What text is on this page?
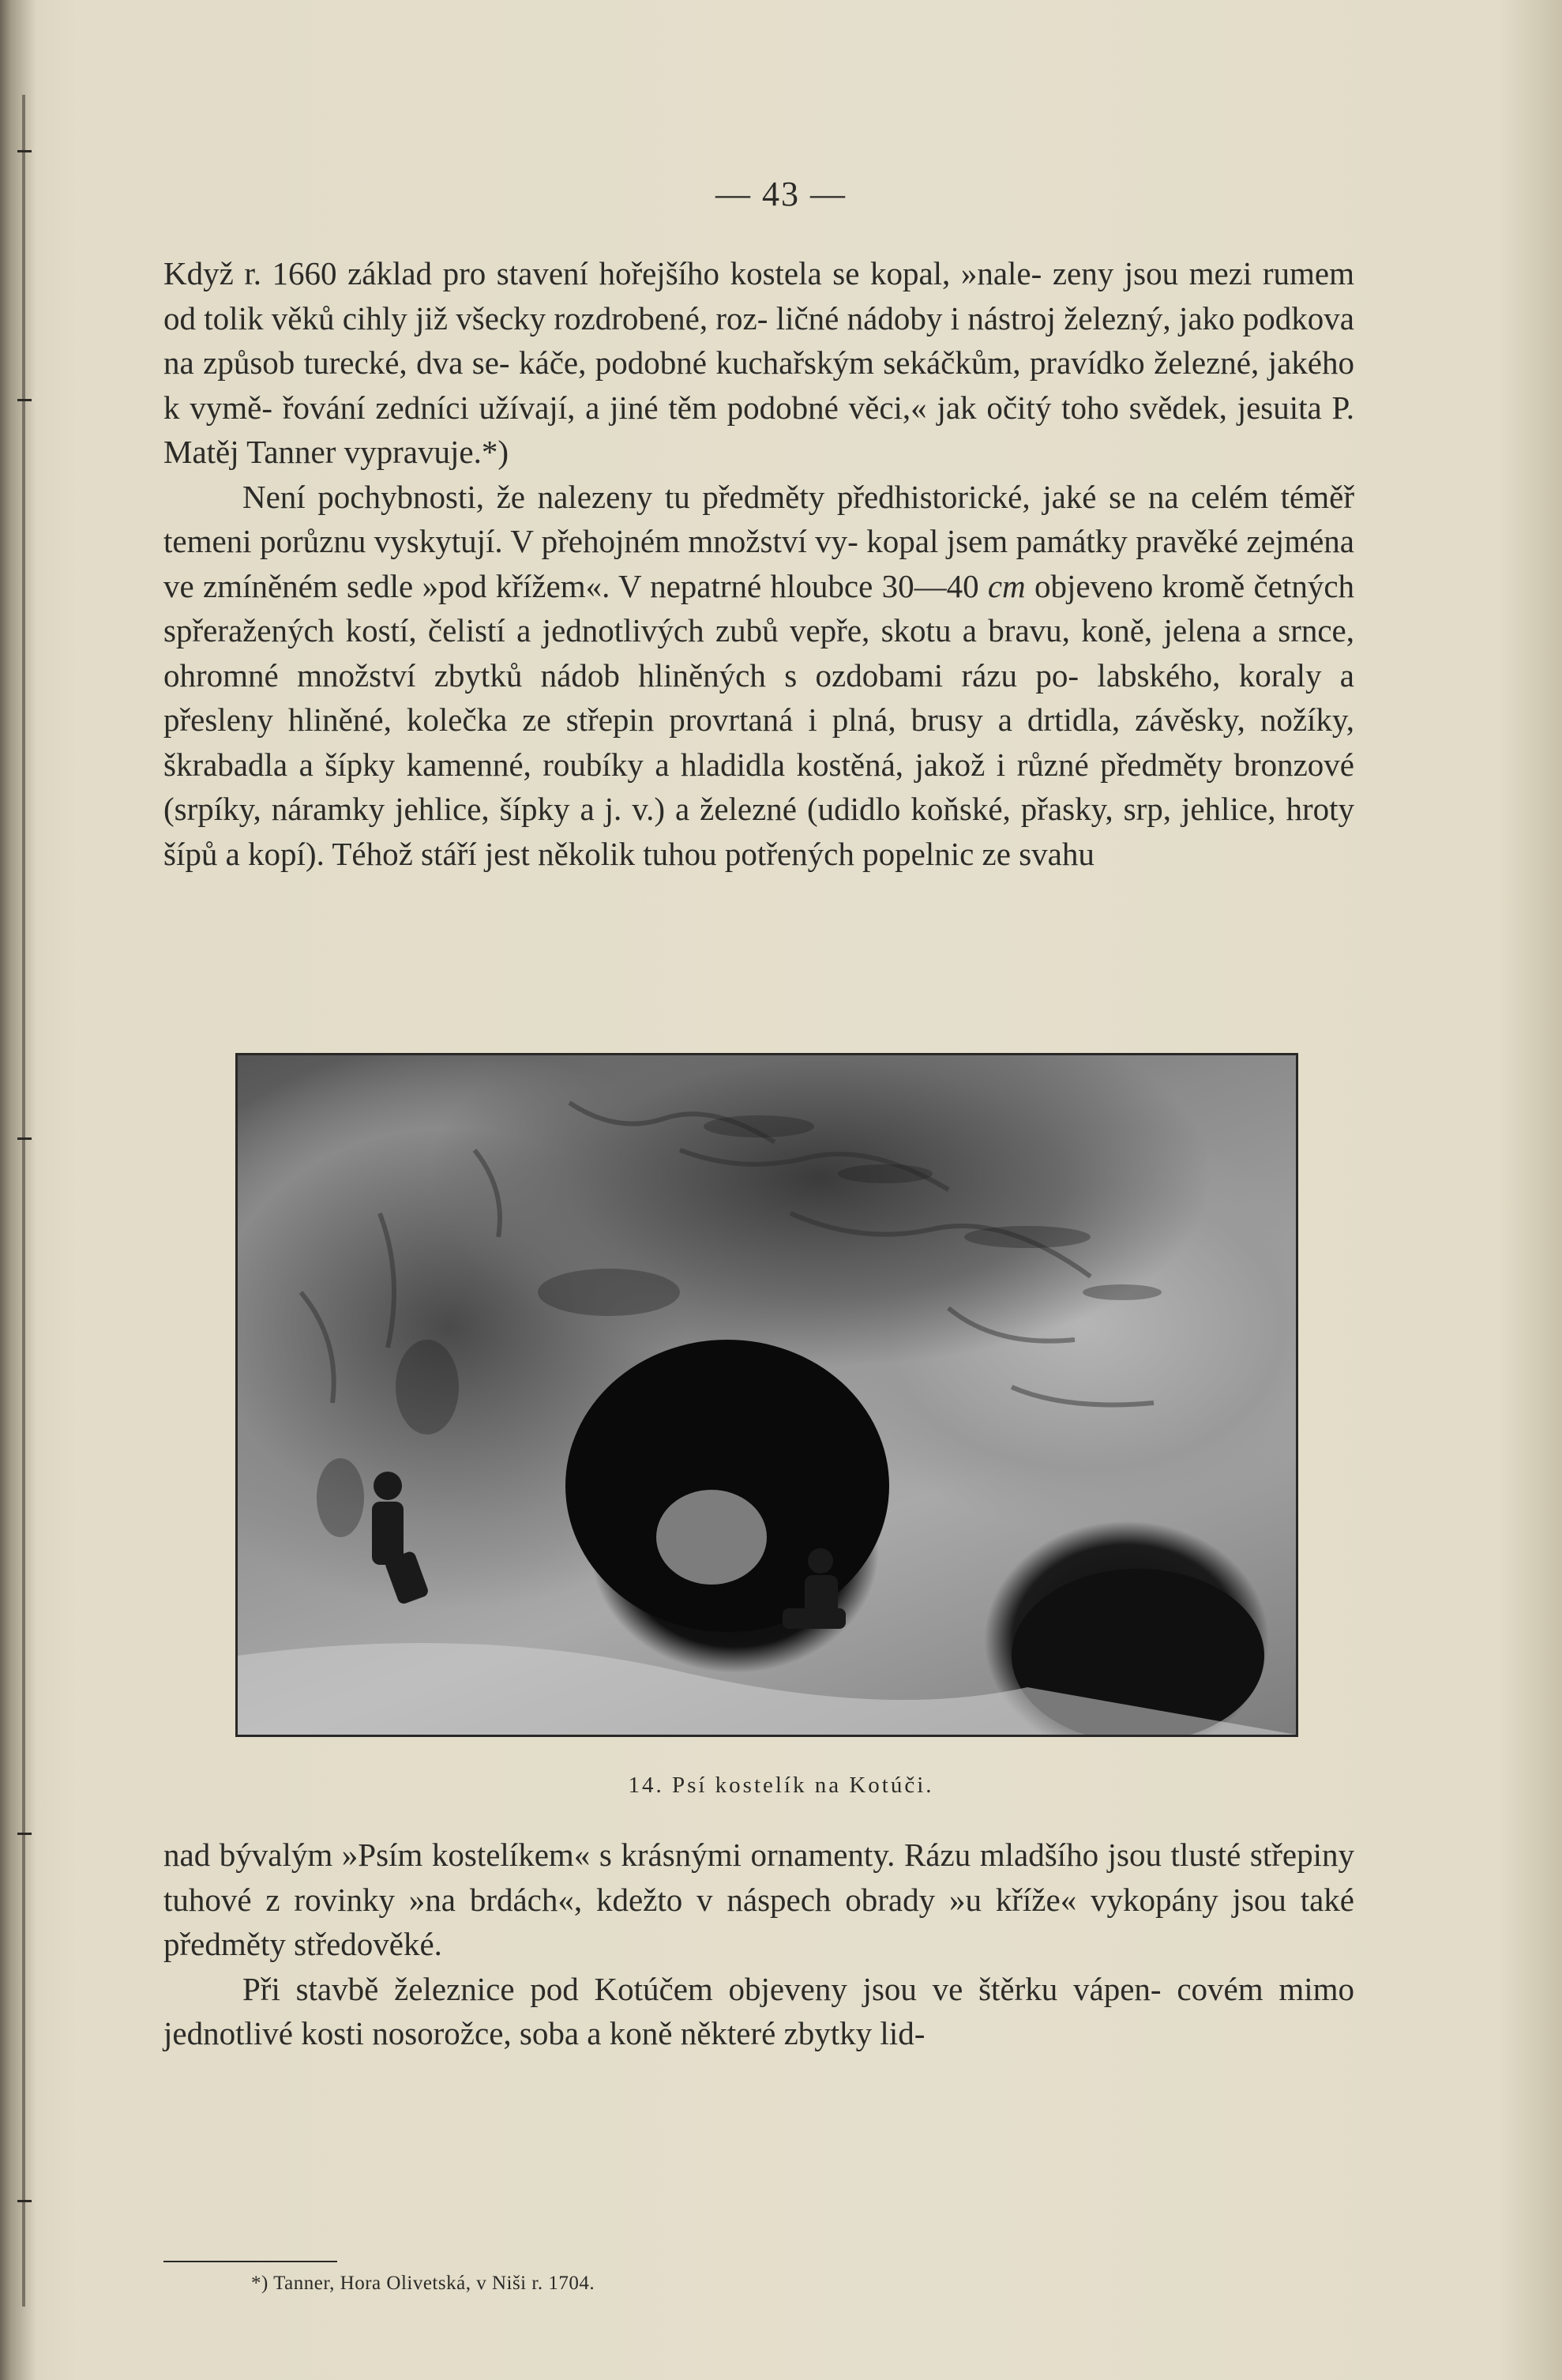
— 43 —

Když r. 1660 základ pro stavení hořejšího kostela se kopal, »nale- zeny jsou mezi rumem od tolik věků cihly již všecky rozdrobené, roz- ličné nádoby i nástroj železný, jako podkova na způsob turecké, dva se- káče, podobné kuchařským sekáčkům, pravídko železné, jakého k vymě- řování zedníci užívají, a jiné těm podobné věci,« jak očitý toho svědek, jesuita P. Matěj Tanner vypravuje.*)

Není pochybnosti, že nalezeny tu předměty předhistorické, jaké se na celém téměř temeni porůznu vyskytují. V přehojném množství vy- kopal jsem památky pravěké zejména ve zmíněném sedle »pod křížem«. V nepatrné hloubce 30—40 cm objeveno kromě četných spřeražených kostí, čelistí a jednotlivých zubů vepře, skotu a bravu, koně, jelena a srnce, ohromné množství zbytků nádob hliněných s ozdobami rázu po- labského, koraly a přesleny hliněné, kolečka ze střepin provrtaná i plná, brusy a drtidla, závěsky, nožíky, škrabadla a šípky kamenné, roubíky a hladidla kostěná, jakož i různé předměty bronzové (srpíky, náramky jehlice, šípky a j. v.) a železné (udidlo koňské, přasky, srp, jehlice, hroty šípů a kopí). Téhož stáří jest několik tuhou potřených popelnic ze svahu

14. Psí kostelík na Kotúči.

nad bývalým »Psím kostelíkem« s krásnými ornamenty. Rázu mladšího jsou tlusté střepiny tuhové z rovinky »na brdách«, kdežto v náspech obrady »u kříže« vykopány jsou také předměty středověké.

Při stavbě železnice pod Kotúčem objeveny jsou ve štěrku vápen- covém mimo jednotlivé kosti nosorožce, soba a koně některé zbytky lid-

*) Tanner, Hora Olivetská, v Niši r. 1704.
